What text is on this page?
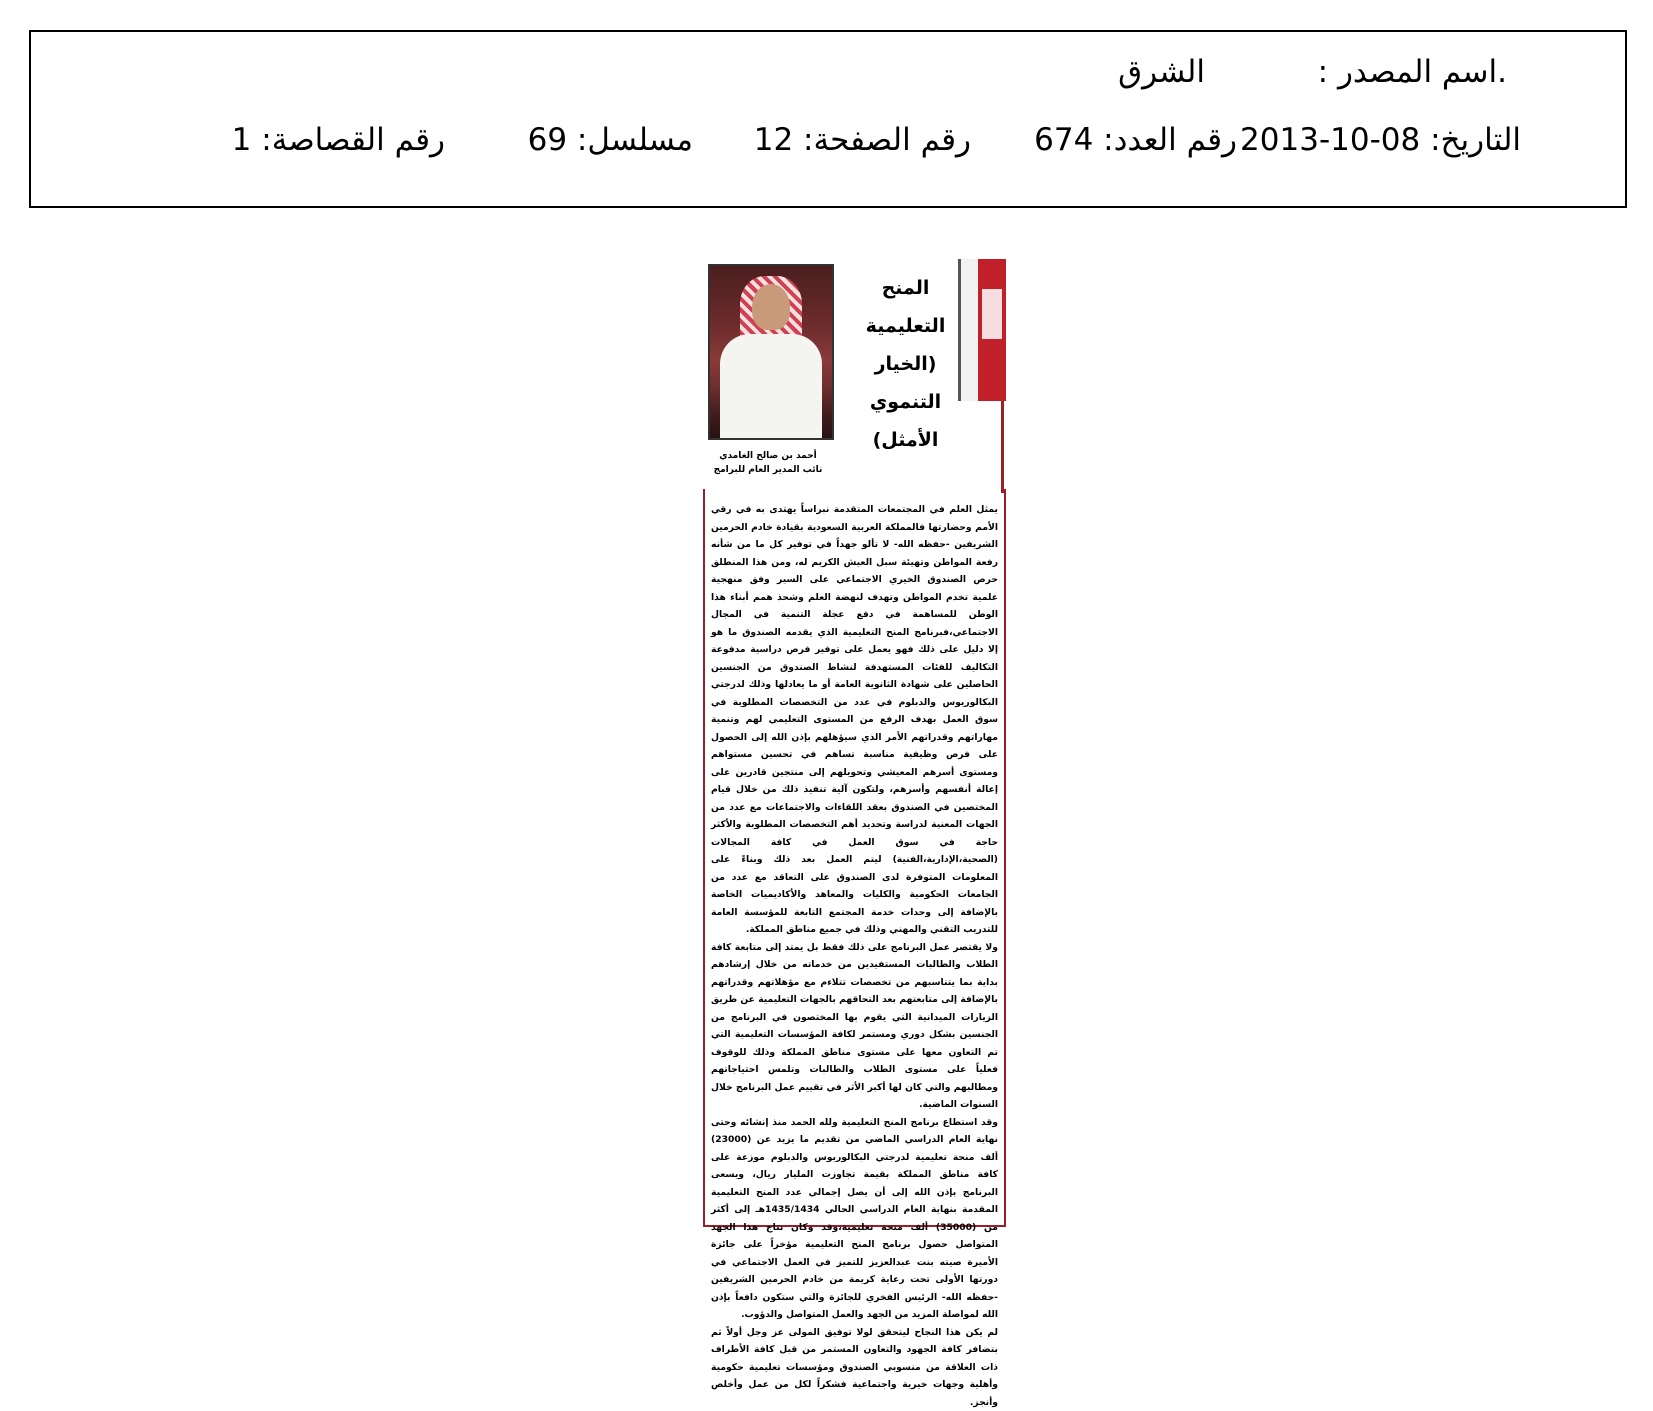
.اسم المصدر :
الشرق
التاريخ: 08-10-2013
رقم العدد: 674
رقم الصفحة: 12
مسلسل: 69
رقم القصاصة: 1
المنح
التعليمية
(الخيار التنموي
الأمثل)
أحمد بن صالح الغامدي
نائب المدير العام للبرامج

يمثل العلم في المجتمعات المتقدمة نبراساً يهتدى به في رقي الأمم وحضارتها فالمملكة العربية السعودية بقيادة خادم الحرمين الشريفين -حفظه الله- لا تألو جهداً في توفير كل ما من شأنه رفعة المواطن وتهيئة سبل العيش الكريم له، ومن هذا المنطلق حرص الصندوق الخيري الاجتماعي على السير وفق منهجية علمية تخدم المواطن وتهدف لنهضة العلم وشحذ همم أبناء هذا الوطن للمساهمة في دفع عجلة التنمية في المجال الاجتماعي،فبرنامج المنح التعليمية الذي يقدمه الصندوق ما هو إلا دليل على ذلك فهو يعمل على توفير فرص دراسية مدفوعة التكاليف للفئات المستهدفة لنشاط الصندوق من الجنسين الحاصلين على شهادة الثانوية العامة أو ما يعادلها وذلك لدرجتي البكالوريوس والدبلوم في عدد من التخصصات المطلوبة في سوق العمل بهدف الرفع من المستوى التعليمي لهم وتنمية مهاراتهم وقدراتهم الأمر الذي سيؤهلهم بإذن الله إلى الحصول على فرص وظيفية مناسبة تساهم في تحسين مستواهم ومستوى أسرهم المعيشي وتحويلهم إلى منتجين قادرين على إعالة أنفسهم وأسرهم، ولتكون آلية تنفيذ ذلك من خلال قيام المختصين في الصندوق بعقد اللقاءات والاجتماعات مع عدد من الجهات المعنية لدراسة وتحديد أهم التخصصات المطلوبة والأكثر حاجة في سوق العمل في كافة المجالات (الصحية،الإدارية،الفنية) ليتم العمل بعد ذلك وبناءً على المعلومات المتوفرة لدى الصندوق على التعاقد مع عدد من الجامعات الحكومية والكليات والمعاهد والأكاديميات الخاصة بالإضافة إلى وحدات خدمة المجتمع التابعة للمؤسسة العامة للتدريب التقني والمهني وذلك في جميع مناطق المملكة.

ولا يقتصر عمل البرنامج على ذلك فقط بل يمتد إلى متابعة كافة الطلاب والطالبات المستفيدين من خدماته من خلال إرشادهم بداية بما يتناسبهم من تخصصات تتلاءم مع مؤهلاتهم وقدراتهم بالإضافة إلى متابعتهم بعد التحاقهم بالجهات التعليمية عن طريق الزيارات الميدانية التي يقوم بها المختصون في البرنامج من الجنسين بشكل دوري ومستمر لكافة المؤسسات التعليمية التي تم التعاون معها على مستوى مناطق المملكة وذلك للوقوف فعلياً على مستوى الطلاب والطالبات وتلمس احتياجاتهم ومطالبهم والتي كان لها أكبر الأثر في تقييم عمل البرنامج خلال السنوات الماضية.

وقد استطاع برنامج المنح التعليمية ولله الحمد منذ إنشائه وحتى نهاية العام الدراسي الماضي من تقديم ما يزيد عن (23000) ألف منحة تعليمية لدرجتي البكالوريوس والدبلوم موزعة على كافة مناطق المملكة بقيمة تجاوزت المليار ريال، ويسعى البرنامج بإذن الله إلى أن يصل إجمالي عدد المنح التعليمية المقدمة بنهاية العام الدراسي الحالي 1435/1434هـ إلى أكثر من (35000) ألف منحة تعليمية،وقد وكان نتاج هذا الجهد المتواصل حصول برنامج المنح التعليمية مؤخراً على جائزة الأميرة صيته بنت عبدالعزيز للتميز في العمل الاجتماعي في دورتها الأولى تحت رعاية كريمة من خادم الحرمين الشريفين -حفظه الله- الرئيس الفخري للجائزة والتي ستكون دافعاً بإذن الله لمواصلة المزيد من الجهد والعمل المتواصل والدؤوب.

لم يكن هذا النجاح ليتحقق لولا توفيق المولى عز وجل أولاً ثم بتضافر كافة الجهود والتعاون المستمر من قبل كافة الأطراف ذات العلاقة من منسوبي الصندوق ومؤسسات تعليمية حكومية وأهلية وجهات خيرية واجتماعية فشكراً لكل من عمل وأخلص وأنجز.
